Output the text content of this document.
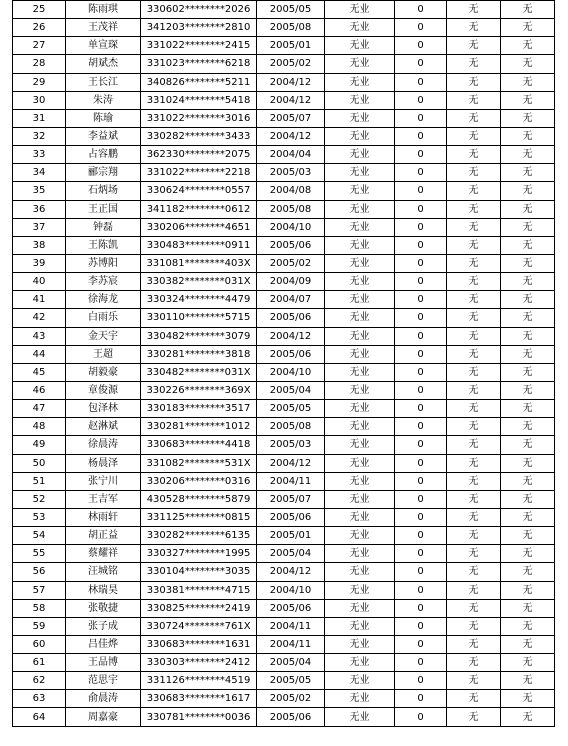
25	陈雨琪	330602********2026	2005/05	无业	0	无	无
26	王茂祥	341203********2810	2005/08	无业	0	无	无
27	单宣琛	331022********2415	2005/01	无业	0	无	无
28	胡斌杰	331023********6218	2005/02	无业	0	无	无
29	王长江	340826********5211	2004/12	无业	0	无	无
30	朱涛	331024********5418	2004/12	无业	0	无	无
31	陈瑜	331022********3016	2005/07	无业	0	无	无
32	李益斌	330282********3433	2004/12	无业	0	无	无
33	占容鹏	362330********2075	2004/04	无业	0	无	无
34	郦宗翔	331022********2218	2005/03	无业	0	无	无
35	石炳场	330624********0557	2004/08	无业	0	无	无
36	王正国	341182********0612	2005/08	无业	0	无	无
37	钟磊	330206********4651	2004/10	无业	0	无	无
38	王陈凯	330483********0911	2005/06	无业	0	无	无
39	苏博阳	331081********403X	2005/02	无业	0	无	无
40	李苏宸	330382********031X	2004/09	无业	0	无	无
41	徐海龙	330324********4479	2004/07	无业	0	无	无
42	白雨乐	330110********5715	2005/06	无业	0	无	无
43	金天宇	330482********3079	2004/12	无业	0	无	无
44	王超	330281********3818	2005/06	无业	0	无	无
45	胡毅豪	330482********031X	2004/10	无业	0	无	无
46	章俊源	330226********369X	2005/04	无业	0	无	无
47	包泽林	330183********3517	2005/05	无业	0	无	无
48	赵淋斌	330281********1012	2005/08	无业	0	无	无
49	徐晨涛	330683********4418	2005/03	无业	0	无	无
50	杨晨泽	331082********531X	2004/12	无业	0	无	无
51	张宁川	330206********0316	2004/11	无业	0	无	无
52	王吉军	430528********5879	2005/07	无业	0	无	无
53	林雨轩	331125********0815	2005/06	无业	0	无	无
54	胡正益	330282********6135	2005/01	无业	0	无	无
55	蔡耀祥	330327********1995	2005/04	无业	0	无	无
56	汪城铭	330104********3035	2004/12	无业	0	无	无
57	林瑞昊	330381********4715	2004/10	无业	0	无	无
58	张敬捷	330825********2419	2005/06	无业	0	无	无
59	张子成	330724********761X	2004/11	无业	0	无	无
60	吕佳烨	330683********1631	2004/11	无业	0	无	无
61	王品博	330303********2412	2005/04	无业	0	无	无
62	范思宇	331126********4519	2005/05	无业	0	无	无
63	俞晨涛	330683********1617	2005/02	无业	0	无	无
64	周嘉豪	330781********0036	2005/06	无业	0	无	无
